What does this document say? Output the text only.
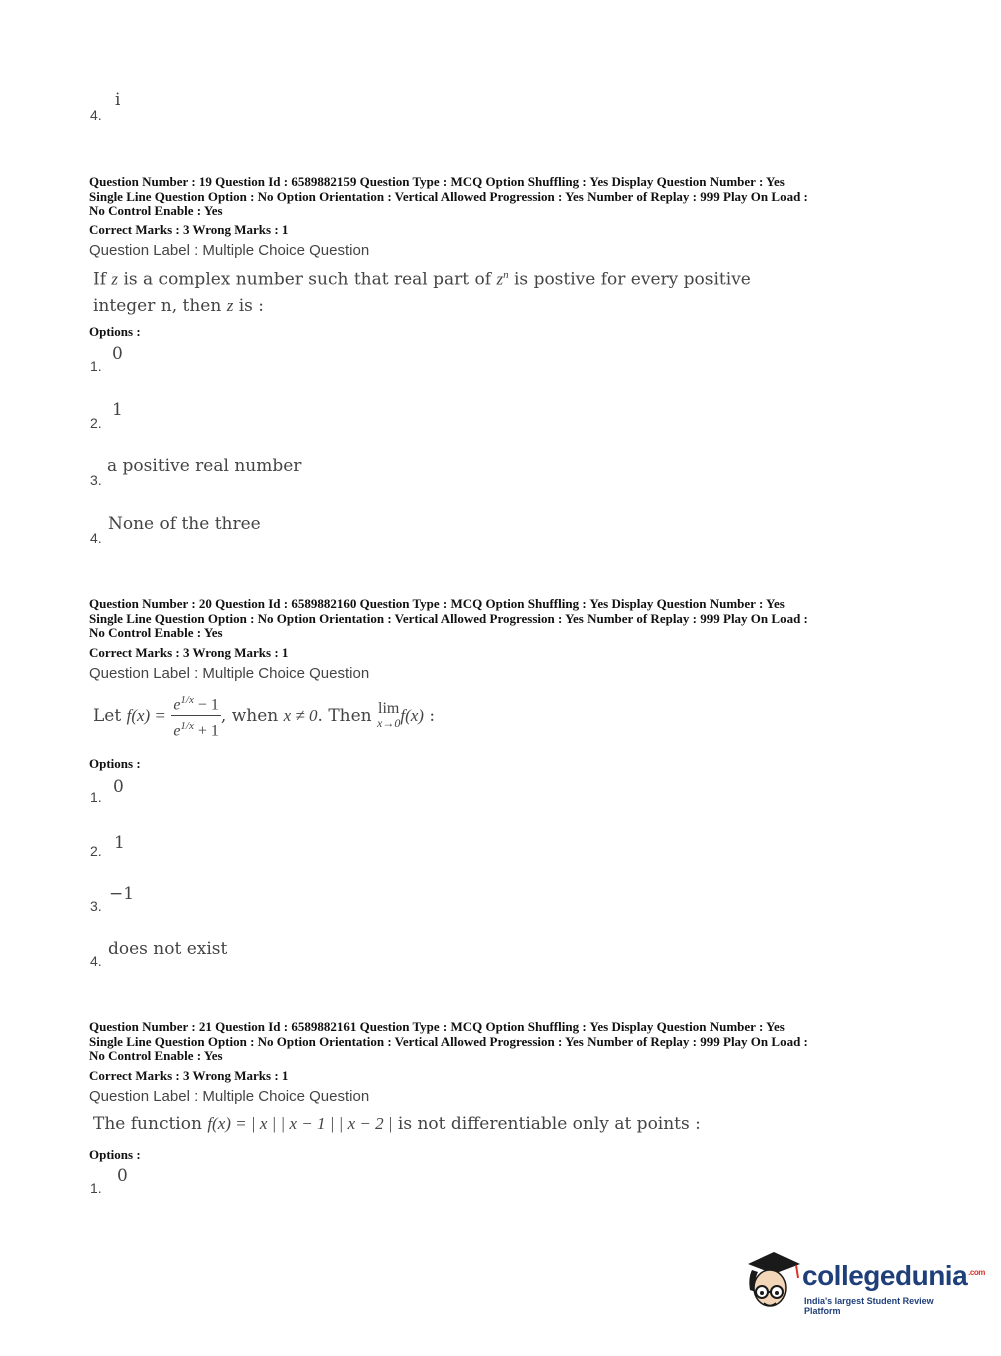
4.
i
Question Number : 19 Question Id : 6589882159 Question Type : MCQ Option Shuffling : Yes Display Question Number : Yes
Single Line Question Option : No Option Orientation : Vertical Allowed Progression : Yes Number of Replay : 999 Play On Load :
No Control Enable : Yes
Correct Marks : 3 Wrong Marks : 1
Question Label : Multiple Choice Question
If z is a complex number such that real part of $z^n$ is postive for every positive
integer n, then z is :
Options :
1.
0
2.
1
3.
a positive real number
4.
None of the three
Question Number : 20 Question Id : 6589882160 Question Type : MCQ Option Shuffling : Yes Display Question Number : Yes
Single Line Question Option : No Option Orientation : Vertical Allowed Progression : Yes Number of Replay : 999 Play On Load :
No Control Enable : Yes
Correct Marks : 3 Wrong Marks : 1
Question Label : Multiple Choice Question
Let $f(x) = \frac{e^{1/x} - 1}{e^{1/x} + 1}$ , when x ≠ 0. Then lim
x→0 f(x) :
Options :
1. 0
2. 1
3.
−1
4.
does not exist
Question Number : 21 Question Id : 6589882161 Question Type : MCQ Option Shuffling : Yes Display Question Number : Yes
Single Line Question Option : No Option Orientation : Vertical Allowed Progression : Yes Number of Replay : 999 Play On Load :
No Control Enable : Yes
Correct Marks : 3 Wrong Marks : 1
Question Label : Multiple Choice Question
The function f(x) = | x | | x − 1 | | x − 2 | is not differentiable only at points :
Options :
1.
0
collegedunia$^{.com}$
India's largest Student Review Platform
